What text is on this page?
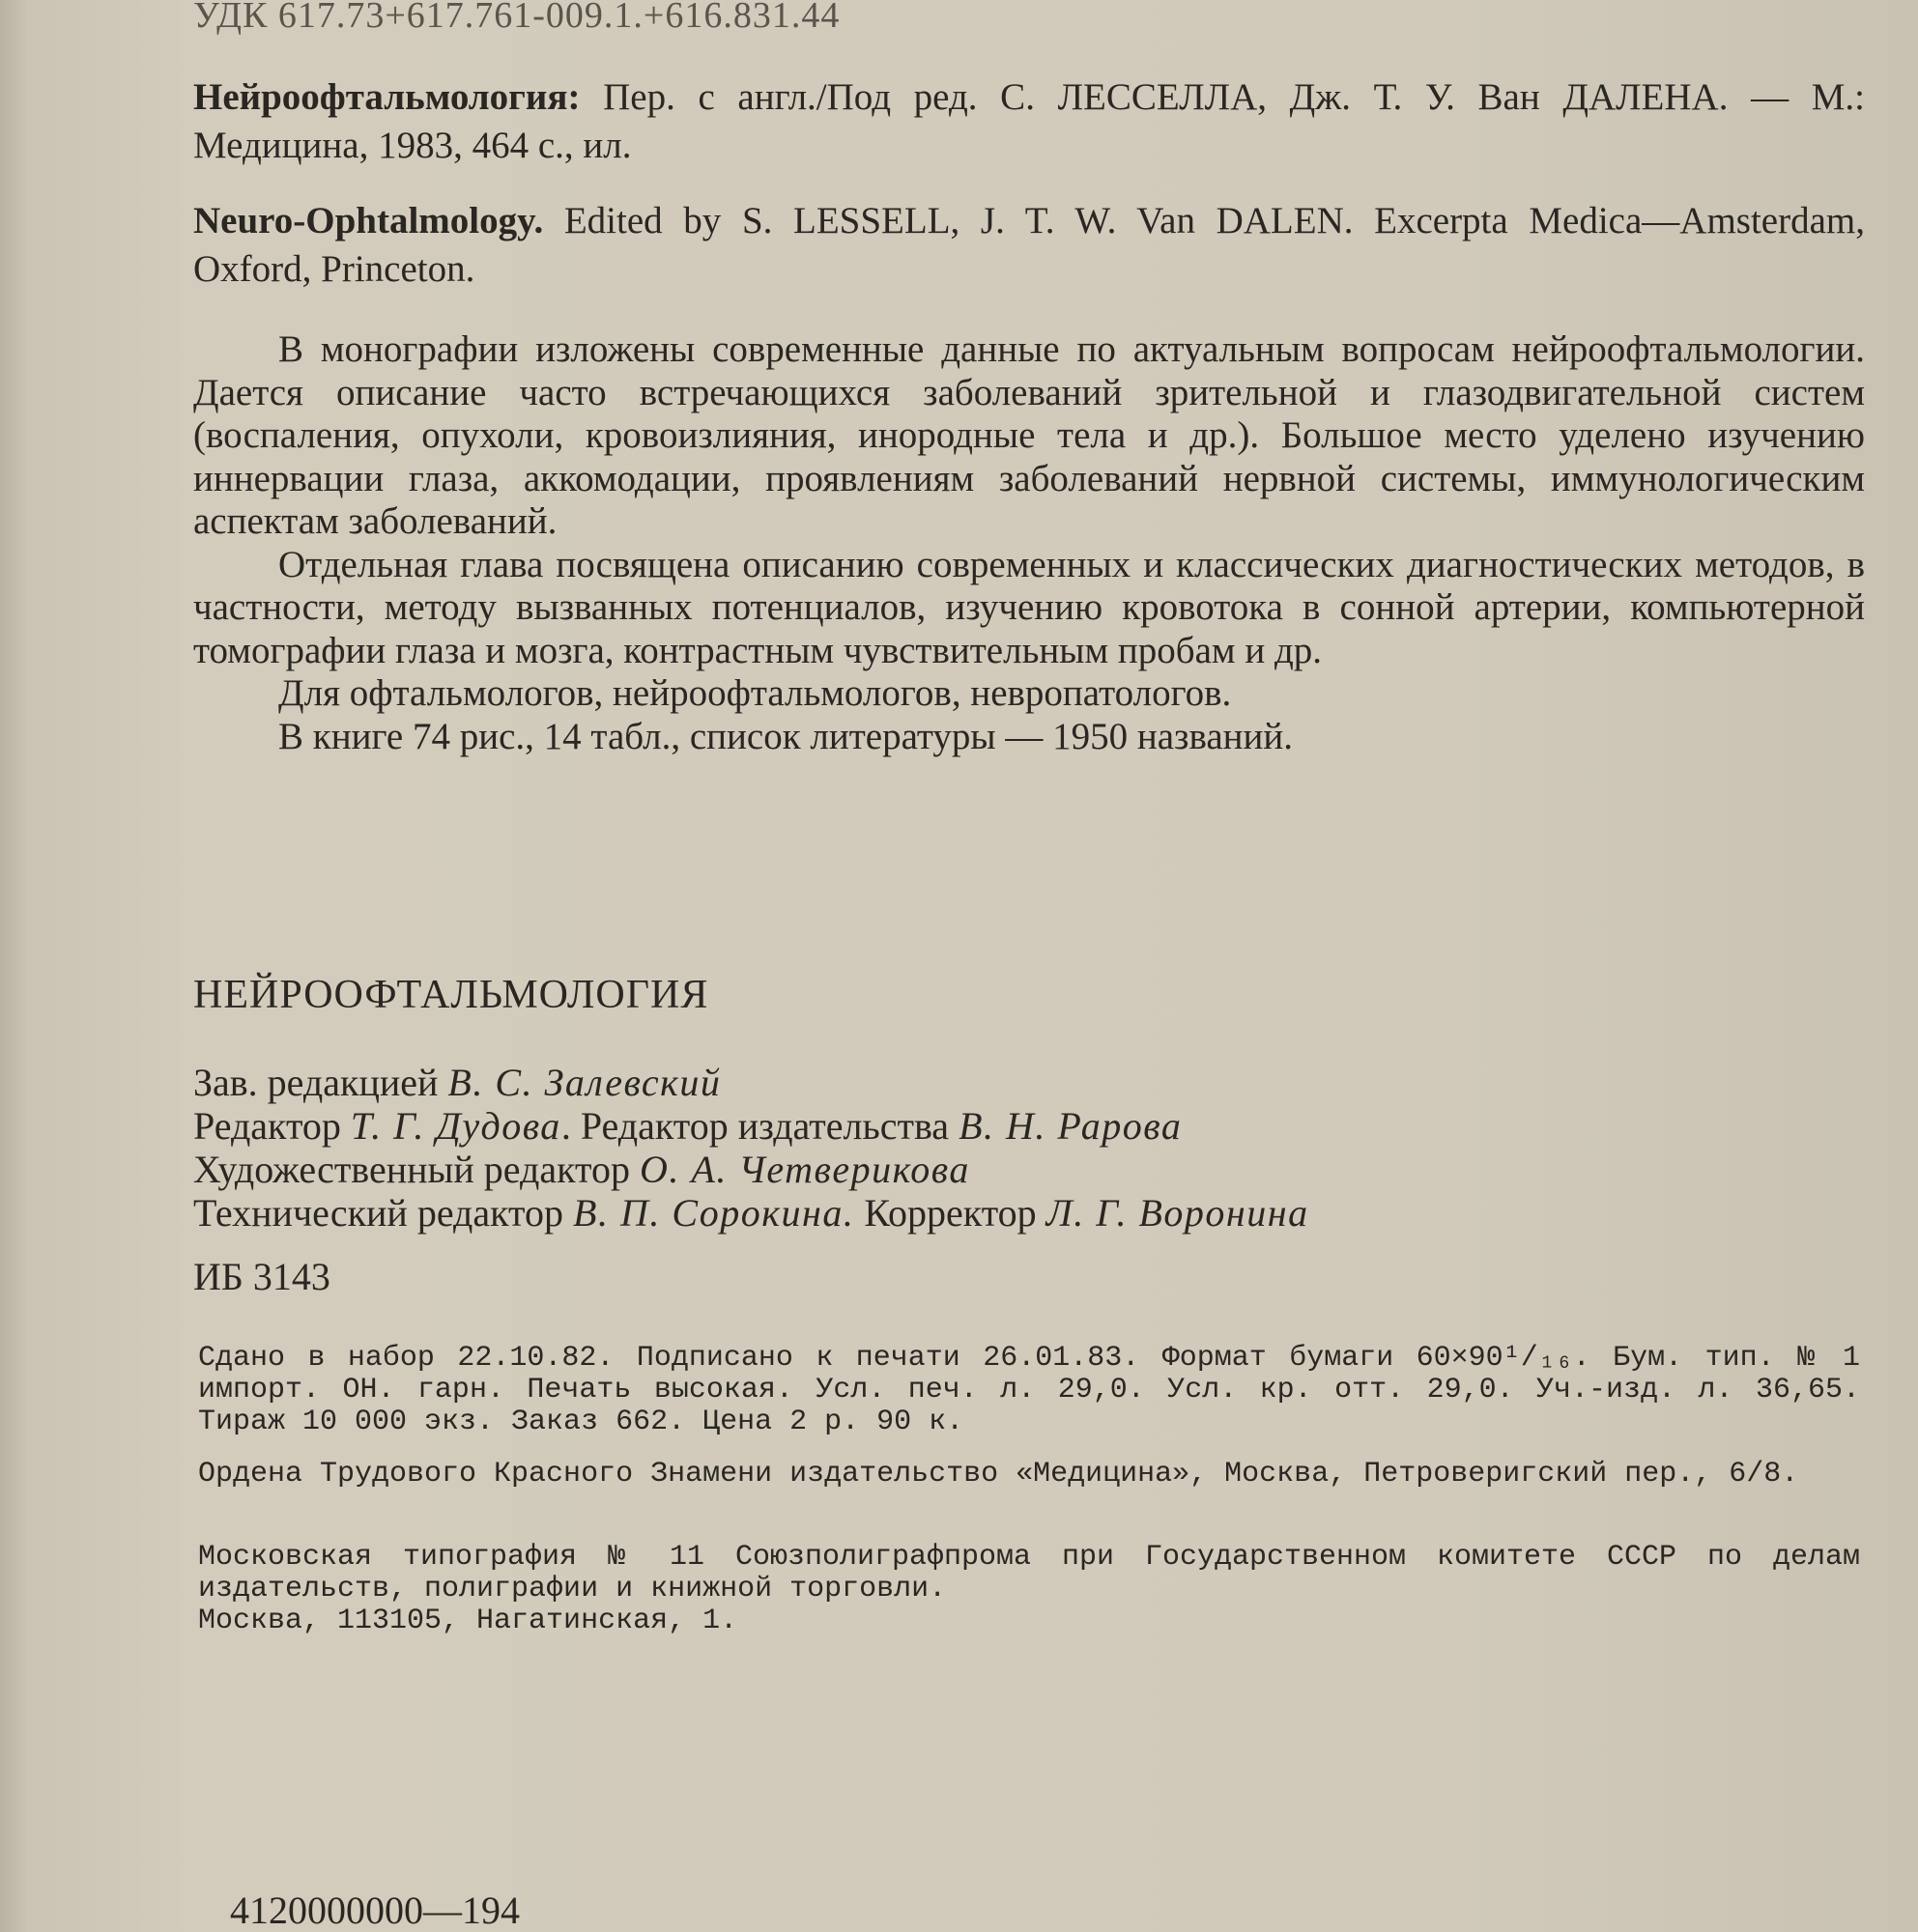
УДК 617.73+617.761-009.1.+616.831.44
Нейроофтальмология: Пер. с англ./Под ред. С. ЛЕССЕЛЛА, Дж. Т. У. Ван ДАЛЕНА. — М.: Медицина, 1983, 464 с., ил.
Neuro-Ophtalmology. Edited by S. LESSELL, J. T. W. Van DALEN. Excerpta Medica—Amsterdam, Oxford, Princeton.

В монографии изложены современные данные по актуальным вопросам нейроофтальмологии. Дается описание часто встречающихся заболеваний зрительной и глазодвигательной систем (воспаления, опухоли, кровоизлияния, инородные тела и др.). Большое место уделено изучению иннервации глаза, аккомодации, проявлениям заболеваний нервной системы, иммунологическим аспектам заболеваний.

Отдельная глава посвящена описанию современных и классических диагностических методов, в частности, методу вызванных потенциалов, изучению кровотока в сонной артерии, компьютерной томографии глаза и мозга, контрастным чувствительным пробам и др.

Для офтальмологов, нейроофтальмологов, невропатологов.

В книге 74 рис., 14 табл., список литературы — 1950 названий.

НЕЙРООФТАЛЬМОЛОГИЯ
Зав. редакцией В. С. Залевский
Редактор Т. Г. Дудова. Редактор издательства В. Н. Рарова
Художественный редактор О. А. Четверикова
Технический редактор В. П. Сорокина. Корректор Л. Г. Воронина
ИБ 3143
Сдано в набор 22.10.82. Подписано к печати 26.01.83. Формат бумаги 60×90¹/₁₆. Бум. тип. № 1 импорт. ОН. гарн. Печать высокая. Усл. печ. л. 29,0. Усл. кр. отт. 29,0. Уч.-изд. л. 36,65. Тираж 10 000 экз. Заказ 662. Цена 2 р. 90 к.
Ордена Трудового Красного Знамени издательство «Медицина», Москва, Петроверигский пер., 6/8.
Московская типография № 11 Союзполиграфпрома при Государственном комитете СССР по делам издательств, полиграфии и книжной торговли.
Москва, 113105, Нагатинская, 1.
4120000000—194
